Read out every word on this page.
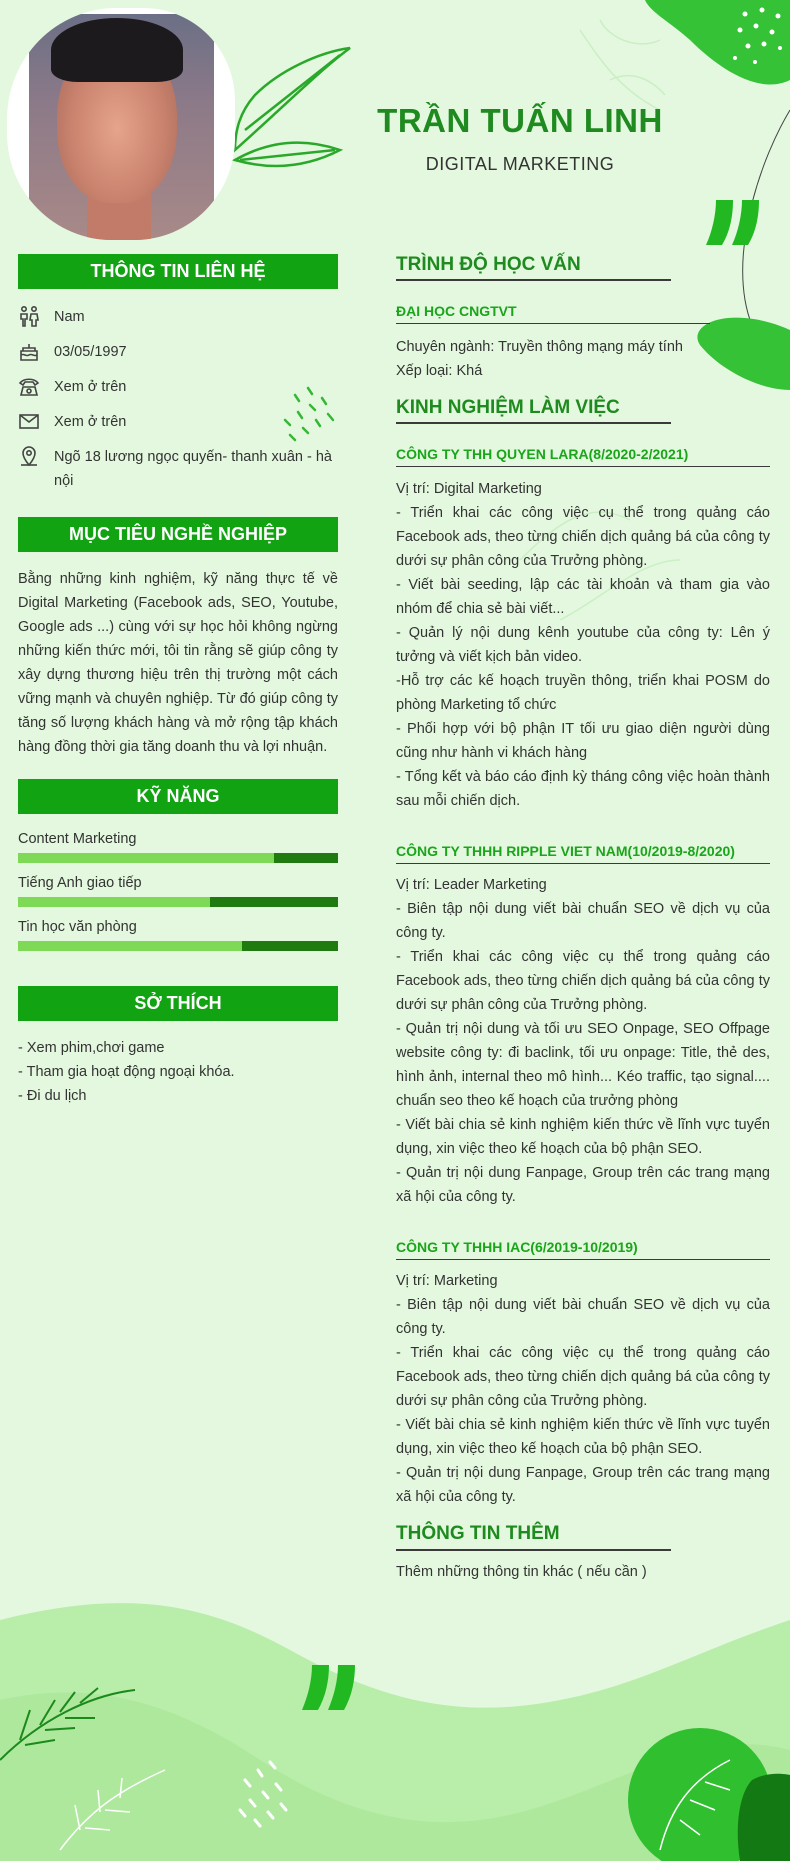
TRẦN TUẤN LINH
DIGITAL MARKETING
THÔNG TIN LIÊN HỆ
Nam
03/05/1997
Xem ở trên
Xem ở trên
Ngõ 18 lương ngọc quyến- thanh xuân - hà nội
MỤC TIÊU NGHỀ NGHIỆP
Bằng những kinh nghiệm, kỹ năng thực tế về Digital Marketing (Facebook ads, SEO, Youtube, Google ads ...) cùng với sự học hỏi không ngừng những kiến thức mới, tôi tin rằng sẽ giúp công ty xây dựng thương hiệu trên thị trường một cách vững mạnh và chuyên nghiệp. Từ đó giúp công ty tăng số lượng khách hàng và mở rộng tập khách hàng đồng thời gia tăng doanh thu và lợi nhuận.
KỸ NĂNG
Content Marketing
Tiếng Anh giao tiếp
Tin học văn phòng
SỞ THÍCH
- Xem phim,chơi game
- Tham gia hoạt động ngoại khóa.
- Đi du lịch
TRÌNH ĐỘ HỌC VẤN
ĐẠI HỌC CNGTVT
Chuyên ngành: Truyền thông mạng máy tính
Xếp loại: Khá
KINH NGHIỆM LÀM VIỆC
CÔNG TY THH QUYEN LARA(8/2020-2/2021)
Vị trí: Digital Marketing
- Triển khai các công việc cụ thể trong quảng cáo Facebook ads, theo từng chiến dịch quảng bá của công ty dưới sự phân công của Trưởng phòng.
- Viết bài seeding, lập các tài khoản và tham gia vào nhóm để chia sẻ bài viết...
- Quản lý nội dung kênh youtube của công ty: Lên ý tưởng và viết kịch bản video.
-Hỗ trợ các kế hoạch truyền thông, triển khai POSM do phòng Marketing tổ chức
- Phối hợp với bộ phận IT tối ưu giao diện người dùng cũng như hành vi khách hàng
- Tổng kết và báo cáo định kỳ tháng công việc hoàn thành sau mỗi chiến dịch.
CÔNG TY THHH RIPPLE VIET NAM(10/2019-8/2020)
Vị trí: Leader Marketing
- Biên tập nội dung viết bài chuẩn SEO về dịch vụ của công ty.
- Triển khai các công việc cụ thể trong quảng cáo Facebook ads, theo từng chiến dịch quảng bá của công ty dưới sự phân công của Trưởng phòng.
- Quản trị nội dung và tối ưu SEO Onpage, SEO Offpage website công ty: đi baclink, tối ưu onpage: Title, thẻ des, hình ảnh, internal theo mô hình... Kéo traffic, tạo signal.... chuẩn seo theo kế hoạch của trưởng phòng
- Viết bài chia sẻ kinh nghiệm kiến thức về lĩnh vực tuyển dụng, xin việc theo kế hoạch của bộ phận SEO.
- Quản trị nội dung Fanpage, Group trên các trang mạng xã hội của công ty.
CÔNG TY THHH IAC(6/2019-10/2019)
Vị trí: Marketing
- Biên tập nội dung viết bài chuẩn SEO về dịch vụ của công ty.
- Triển khai các công việc cụ thể trong quảng cáo Facebook ads, theo từng chiến dịch quảng bá của công ty dưới sự phân công của Trưởng phòng.
- Viết bài chia sẻ kinh nghiệm kiến thức về lĩnh vực tuyển dụng, xin việc theo kế hoạch của bộ phận SEO.
- Quản trị nội dung Fanpage, Group trên các trang mạng xã hội của công ty.
THÔNG TIN THÊM
Thêm những thông tin khác ( nếu cần )
